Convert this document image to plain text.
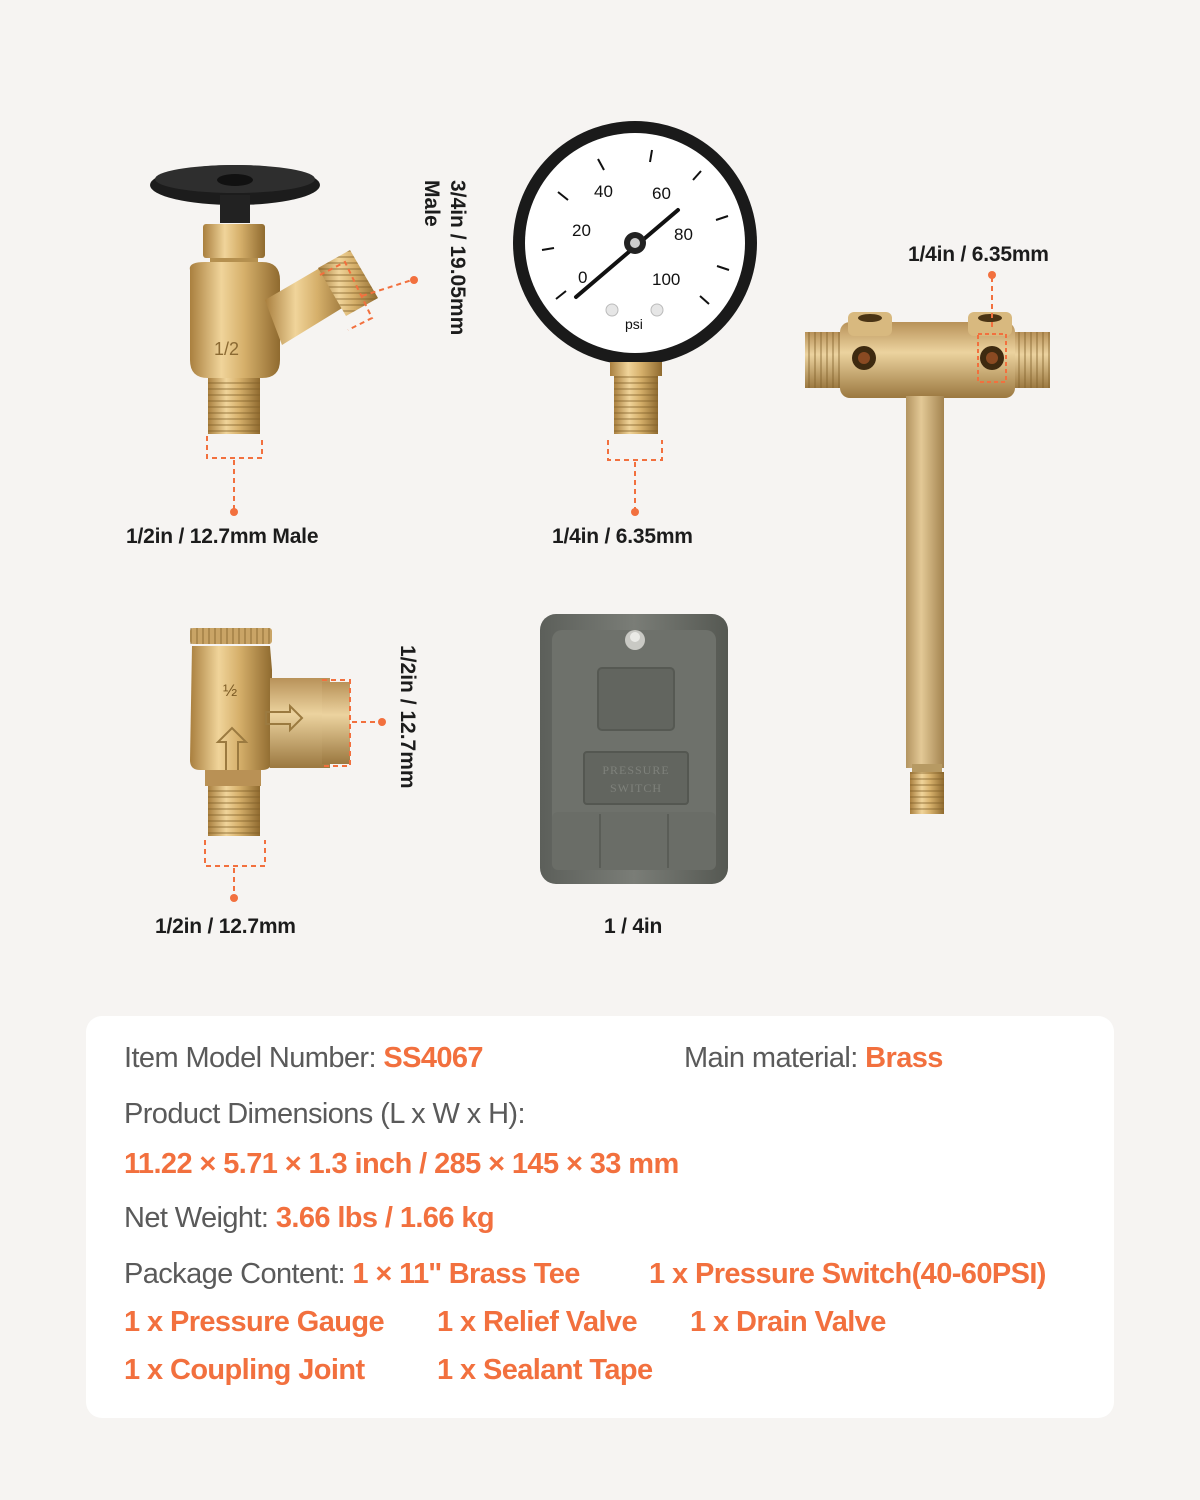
1/2
0
20
40 60
80
100
psi
½
PRESSURE
SWITCH
1/2in / 12.7mm Male
3/4in / 19.05mm
Male
1/4in / 6.35mm
1/4in / 6.35mm
1/2in / 12.7mm
1/2in / 12.7mm
1 / 4in
Item Model Number: SS4067	Main material: Brass
Product Dimensions (L x W x H):
11.22 × 5.71 × 1.3 inch / 285 × 145 × 33 mm
Net Weight: 3.66 lbs / 1.66 kg
Package Content: 1 × 11'' Brass Tee 1 x Pressure Switch(40-60PSI)
1 x Pressure Gauge 1 x Relief Valve 1 x Drain Valve
1 x Coupling Joint 1 x Sealant Tape
